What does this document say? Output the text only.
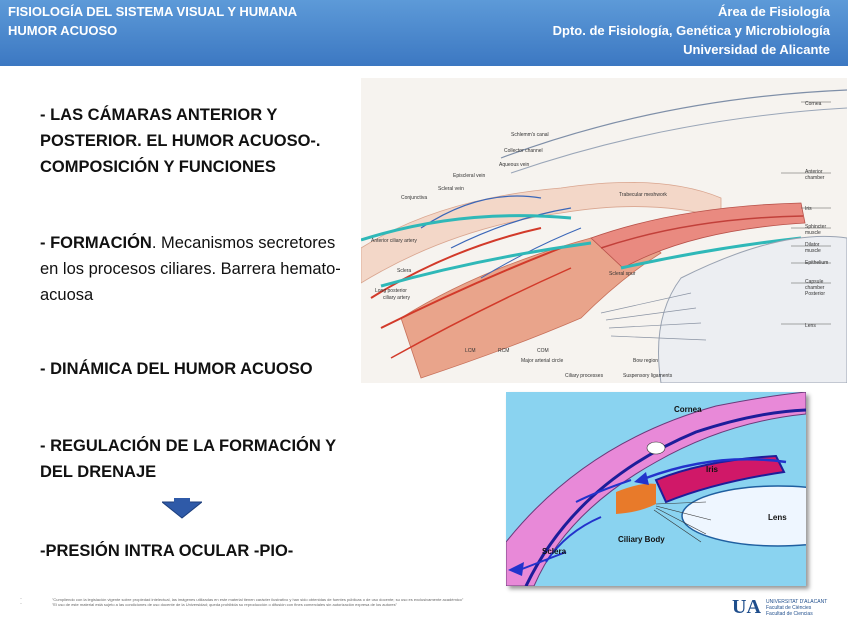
FISIOLOGÍA DEL SISTEMA VISUAL Y HUMANA
HUMOR ACUOSO
Área de Fisiología
Dpto. de Fisiología, Genética y Microbiología
Universidad de Alicante
- LAS CÁMARAS ANTERIOR Y POSTERIOR. EL HUMOR ACUOSO-. COMPOSICIÓN Y FUNCIONES
- FORMACIÓN. Mecanismos secretores en los procesos ciliares. Barrera hemato-acuosa
- DINÁMICA DEL HUMOR ACUOSO
- REGULACIÓN DE LA FORMACIÓN Y DEL DRENAJE
-PRESIÓN INTRA OCULAR -PIO-
Schlemm's canal
Collector channel
Aqueous vein
Episcleral vein
Scleral vein
Conjunctiva	Trabecular meshwork
Anterior ciliary artery
Sclera
Long posterior
ciliary artery
Scleral spur
LCM	RCM	COM
Major arterial circle
Ciliary processes
Bow region
Suspensory ligaments
Cornea
Anterior
chamber
Iris
Sphincter
muscle
Dilator
muscle
Epithelium
Capsule
chamber
Posterior
Lens
Cornea
Iris
Lens
Ciliary Body
Sclera
·
·
"Cumpliendo con la legislación vigente sobre propiedad intelectual, las imágenes utilizadas en este material tienen carácter ilustrativo y han sido obtenidas de fuentes públicas o de uso docente; su uso es exclusivamente académico"
"El uso de este material está sujeto a las condiciones de uso docente de la Universidad; queda prohibida su reproducción o difusión con fines comerciales sin autorización expresa de los autores"	UA UNIVERSITAT D'ALACANT
Facultat de Ciències
Facultad de Ciencias
